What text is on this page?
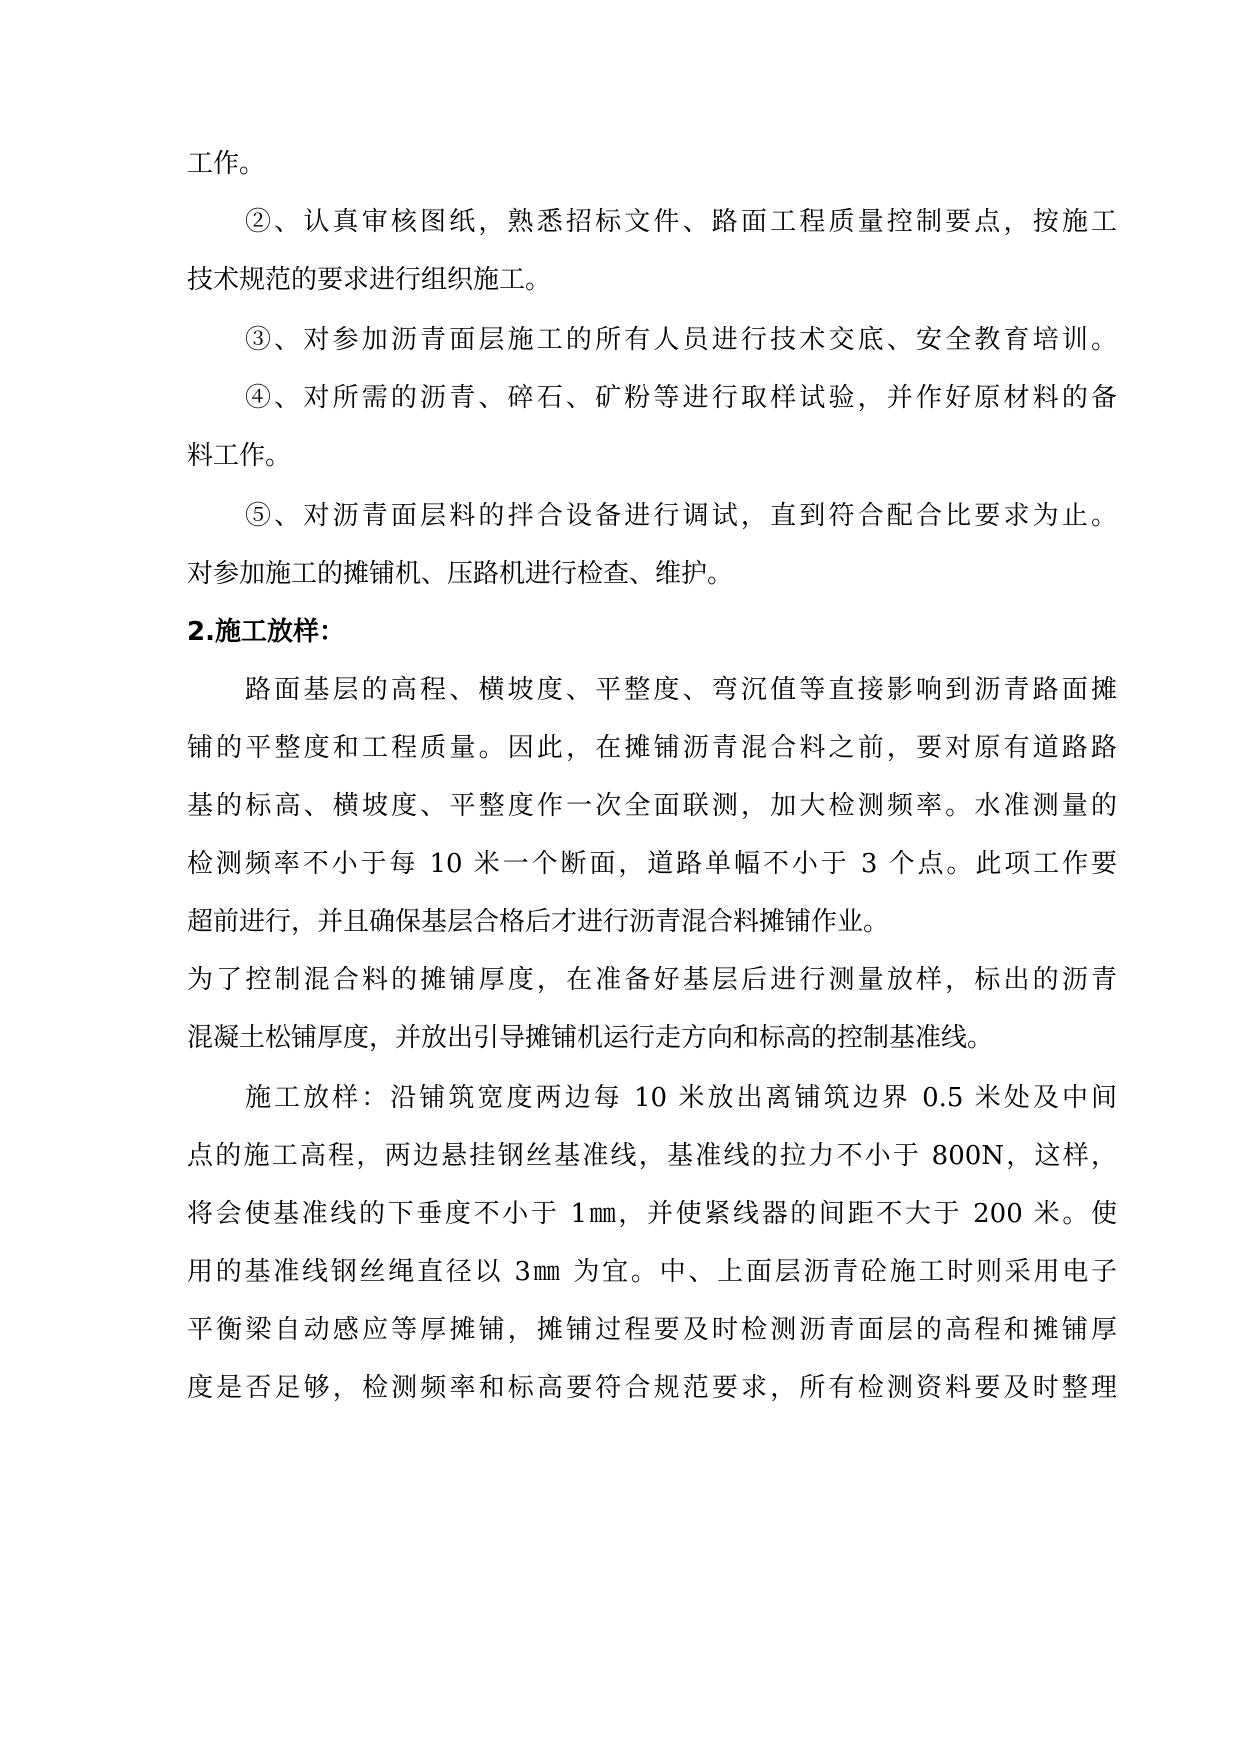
工作。
②、认真审核图纸，熟悉招标文件、路面工程质量控制要点，按施工
技术规范的要求进行组织施工。
③、对参加沥青面层施工的所有人员进行技术交底、安全教育培训。
④、对所需的沥青、碎石、矿粉等进行取样试验，并作好原材料的备
料工作。
⑤、对沥青面层料的拌合设备进行调试，直到符合配合比要求为止。
对参加施工的摊铺机、压路机进行检查、维护。
2.施工放样：
路面基层的高程、横坡度、平整度、弯沉值等直接影响到沥青路面摊
铺的平整度和工程质量。因此，在摊铺沥青混合料之前，要对原有道路路
基的标高、横坡度、平整度作一次全面联测，加大检测频率。水准测量的
检测频率不小于每 10 米一个断面，道路单幅不小于 3 个点。此项工作要
超前进行，并且确保基层合格后才进行沥青混合料摊铺作业。
为了控制混合料的摊铺厚度，在准备好基层后进行测量放样，标出的沥青
混凝土松铺厚度，并放出引导摊铺机运行走方向和标高的控制基准线。
施工放样：沿铺筑宽度两边每 10 米放出离铺筑边界 0.5 米处及中间
点的施工高程，两边悬挂钢丝基准线，基准线的拉力不小于 800N，这样，
将会使基准线的下垂度不小于 1㎜，并使紧线器的间距不大于 200 米。使
用的基准线钢丝绳直径以 3㎜ 为宜。中、上面层沥青砼施工时则采用电子
平衡梁自动感应等厚摊铺，摊铺过程要及时检测沥青面层的高程和摊铺厚
度是否足够，检测频率和标高要符合规范要求，所有检测资料要及时整理
